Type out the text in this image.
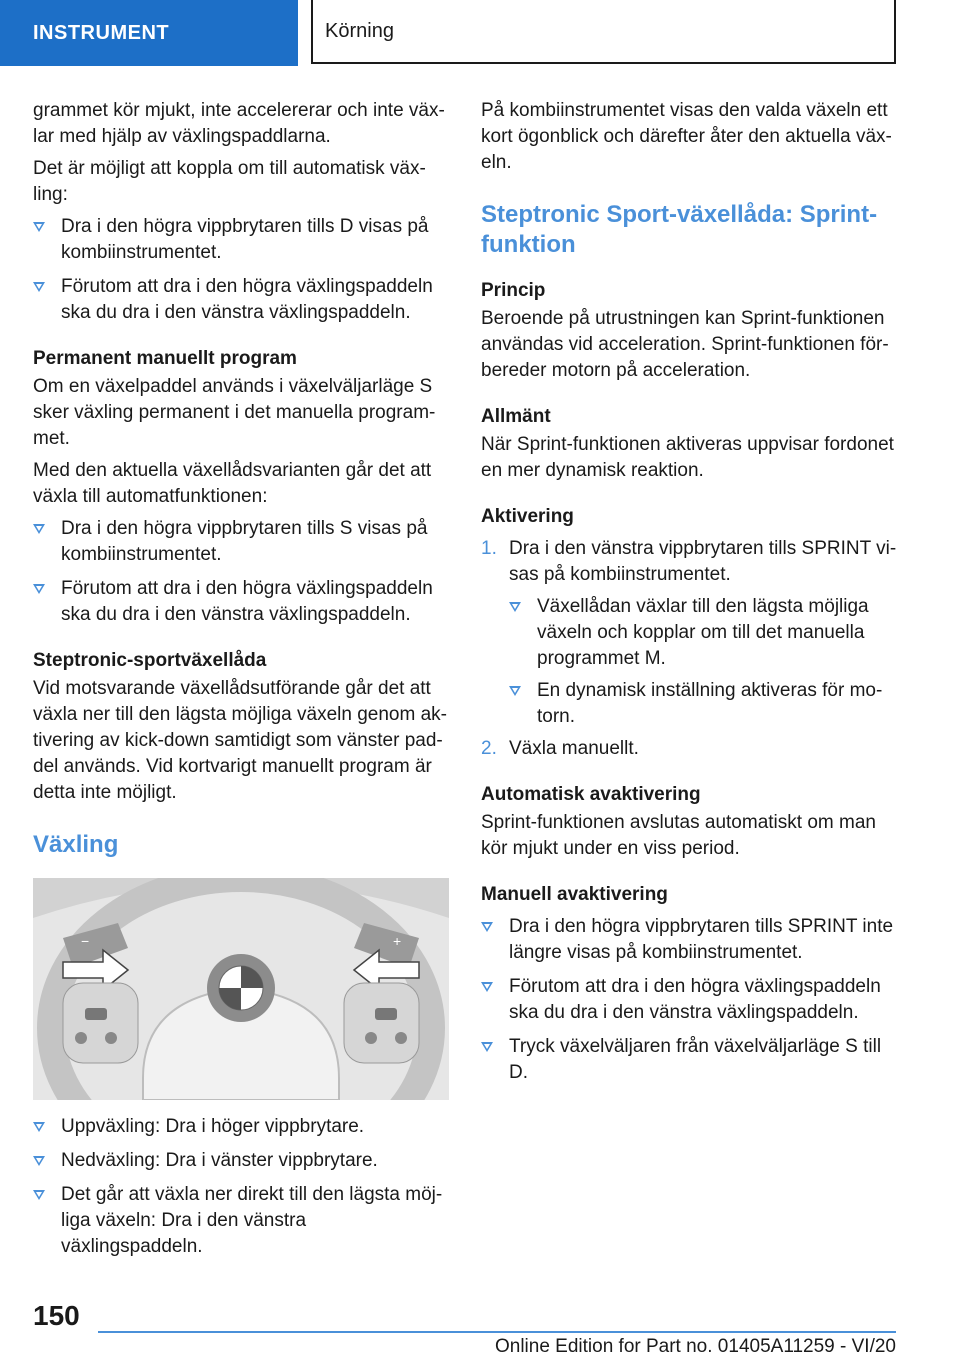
INSTRUMENT	Körning

grammet kör mjukt, inte accelererar och inte väx-lar med hjälp av växlingspaddlarna.

Det är möjligt att koppla om till automatisk väx-ling:

Dra i den högra vippbrytaren tills D visas på kombiinstrumentet.
Förutom att dra i den högra växlingspaddeln ska du dra i den vänstra växlingspaddeln.
Permanent manuellt program

Om en växelpaddel används i växelväljarläge S sker växling permanent i det manuella program-met.

Med den aktuella växellådsvarianten går det att växla till automatfunktionen:

Dra i den högra vippbrytaren tills S visas på kombiinstrumentet.
Förutom att dra i den högra växlingspaddeln ska du dra i den vänstra växlingspaddeln.
Steptronic-sportväxellåda

Vid motsvarande växellådsutförande går det att växla ner till den lägsta möjliga växeln genom ak-tivering av kick-down samtidigt som vänster pad-del används. Vid kortvarigt manuellt program är detta inte möjligt.

Växling
−	+
Uppväxling: Dra i höger vippbrytare.
Nedväxling: Dra i vänster vippbrytare.
Det går att växla ner direkt till den lägsta möj-liga växeln: Dra i den vänstra växlingspaddeln.

På kombiinstrumentet visas den valda växeln ett kort ögonblick och därefter åter den aktuella väx-eln.

Steptronic Sport-växellåda: Sprint-funktion
Princip

Beroende på utrustningen kan Sprint-funktionen användas vid acceleration. Sprint-funktionen för-bereder motorn på acceleration.

Allmänt

När Sprint-funktionen aktiveras uppvisar fordonet en mer dynamisk reaktion.

Aktivering
1. Dra i den vänstra vippbrytaren tills SPRINT vi-sas på kombiinstrumentet.
Växellådan växlar till den lägsta möjliga växeln och kopplar om till det manuella programmet M.
En dynamisk inställning aktiveras för mo-torn.
2. Växla manuellt.
Automatisk avaktivering

Sprint-funktionen avslutas automatiskt om man kör mjukt under en viss period.

Manuell avaktivering
Dra i den högra vippbrytaren tills SPRINT inte längre visas på kombiinstrumentet.
Förutom att dra i den högra växlingspaddeln ska du dra i den vänstra växlingspaddeln.
Tryck växelväljaren från växelväljarläge S till D.
150
Online Edition for Part no. 01405A11259 - VI/20
